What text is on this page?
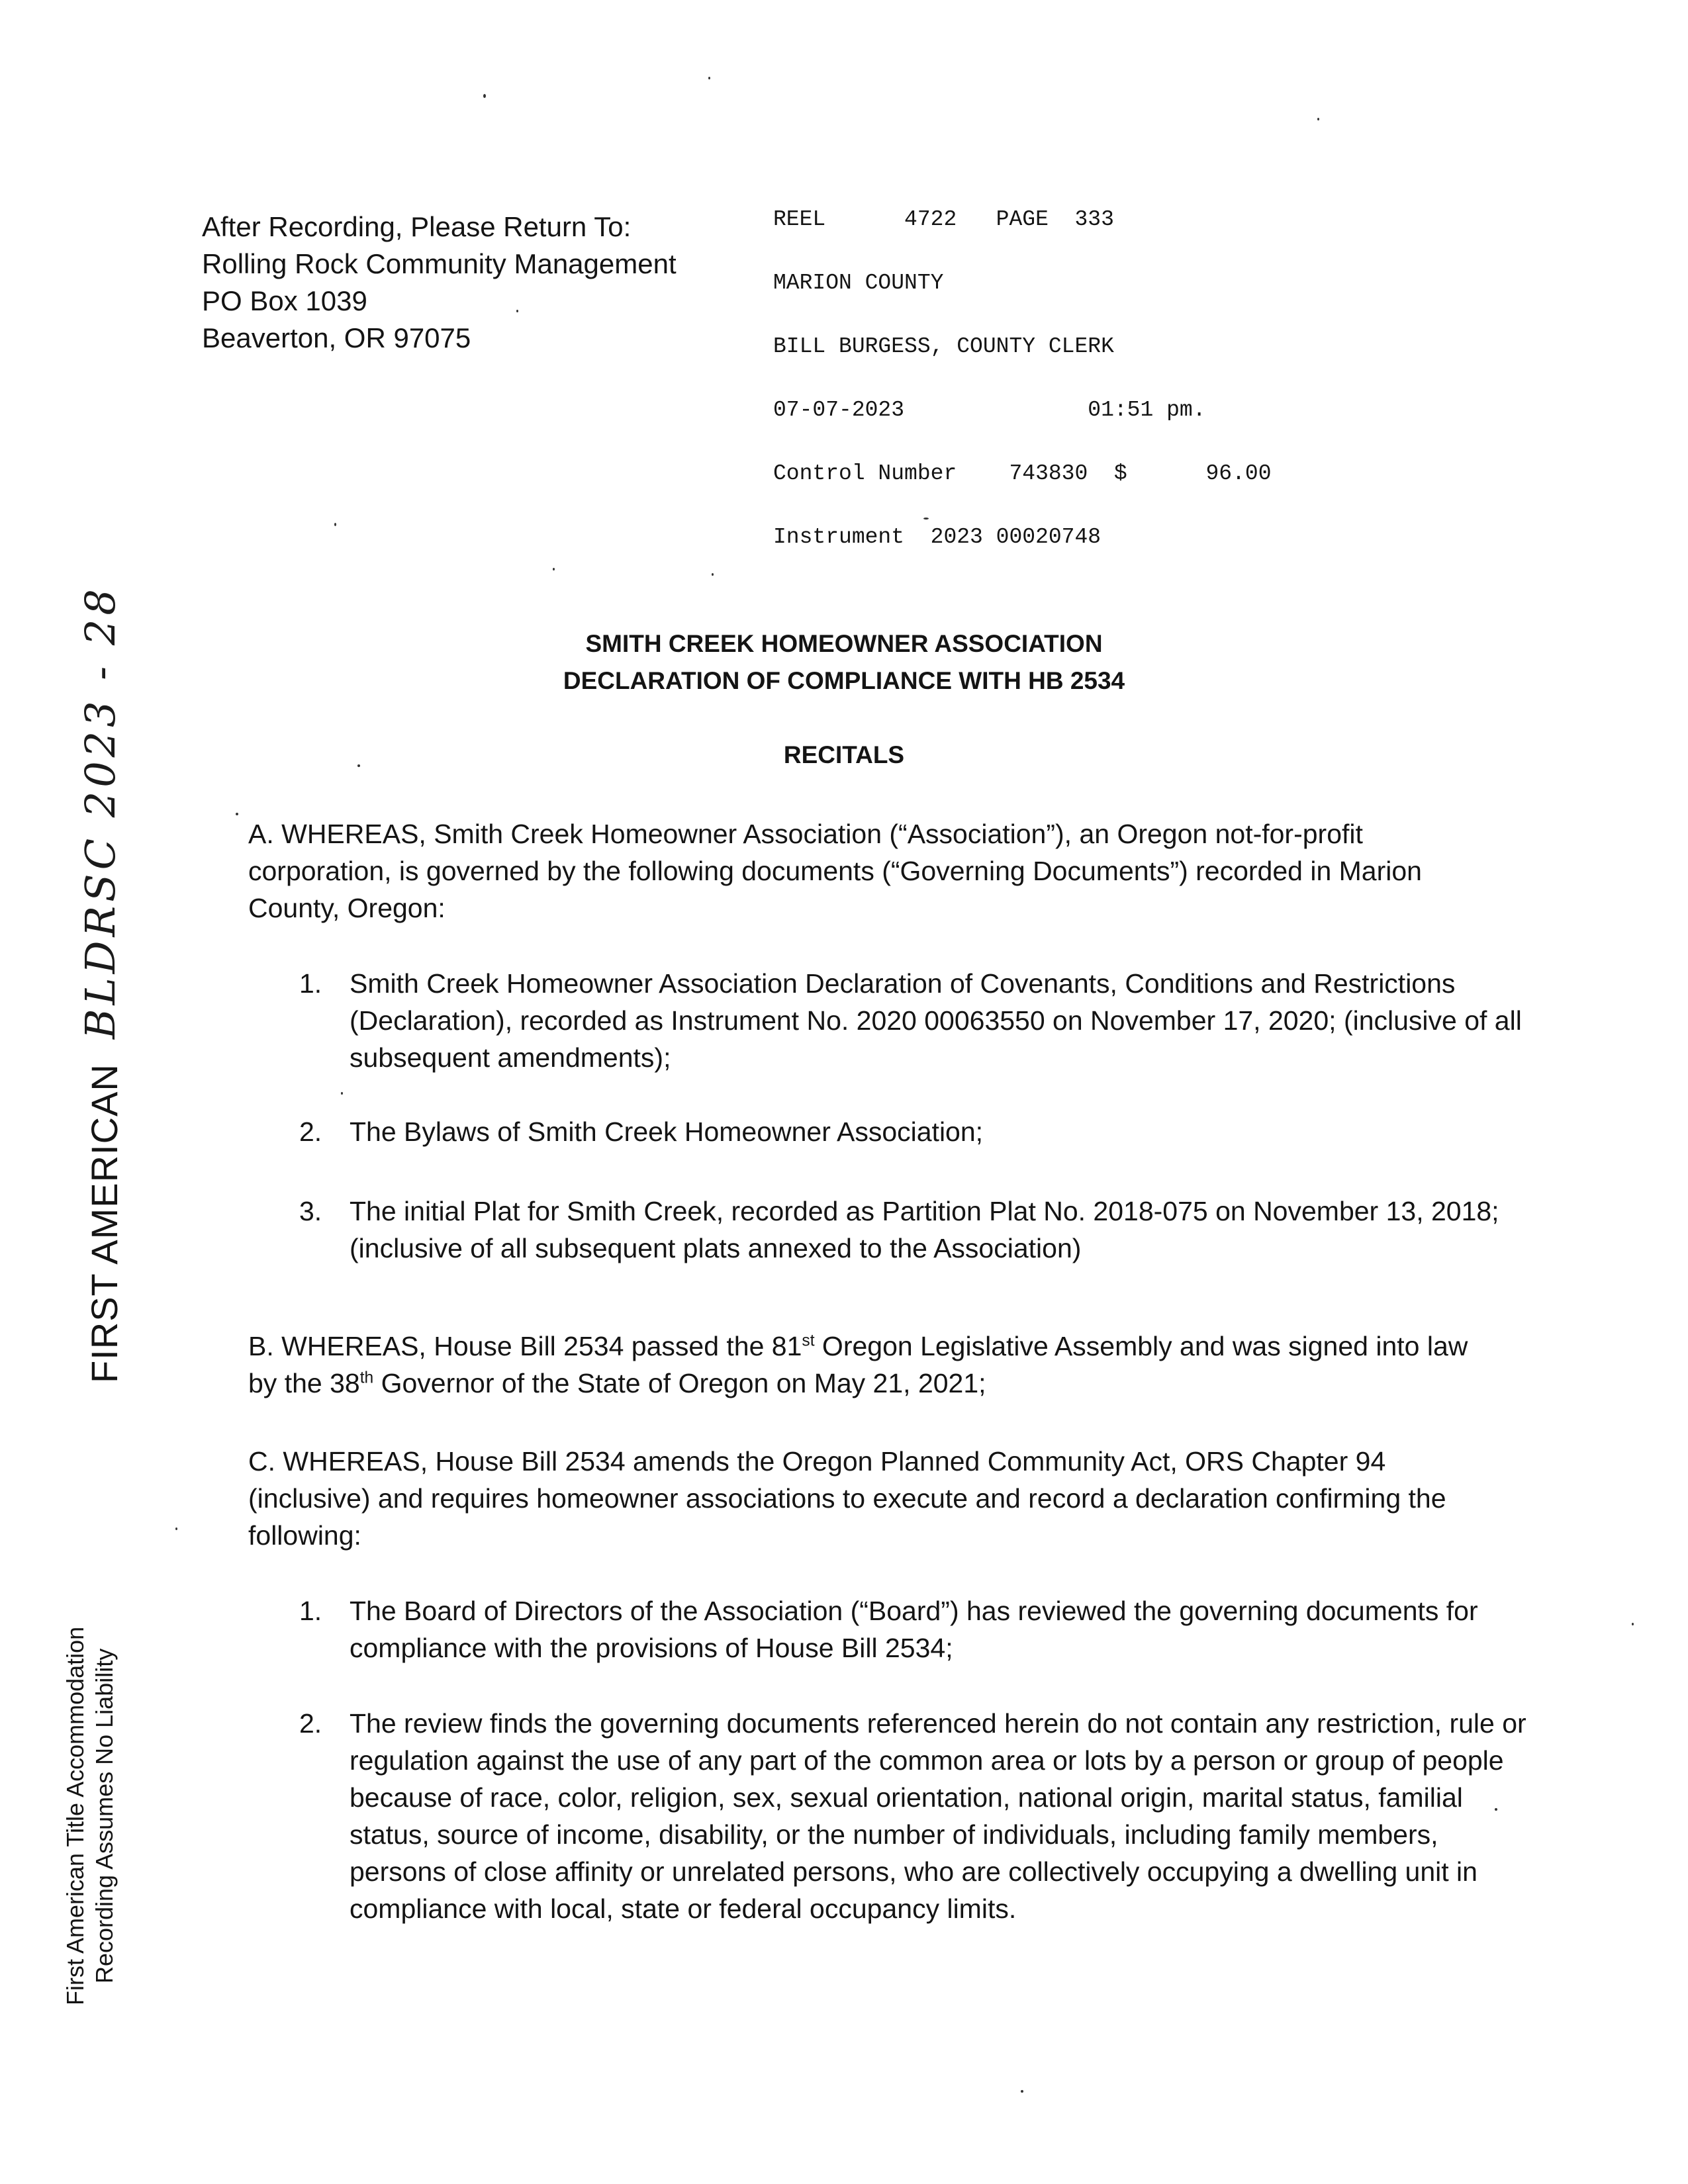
After Recording, Please Return To:
Rolling Rock Community Management
PO Box 1039
Beaverton, OR 97075

REEL      4722   PAGE  333

MARION COUNTY

BILL BURGESS, COUNTY CLERK

07-07-2023              01:51 pm.

Control Number    743830  $      96.00

Instrument  2023 00020748

FIRST AMERICAN
BLDRSC 2023 - 28
First American Title Accommodation Recording Assumes No Liability
SMITH CREEK HOMEOWNER ASSOCIATION
DECLARATION OF COMPLIANCE WITH HB 2534
RECITALS
A. WHEREAS, Smith Creek Homeowner Association (“Association”), an Oregon not-for-profit corporation, is governed by the following documents (“Governing Documents”) recorded in Marion County, Oregon:
1. Smith Creek Homeowner Association Declaration of Covenants, Conditions and Restrictions (Declaration), recorded as Instrument No. 2020 00063550 on November 17, 2020; (inclusive of all subsequent amendments);
2. The Bylaws of Smith Creek Homeowner Association;
3. The initial Plat for Smith Creek, recorded as Partition Plat No. 2018-075 on November 13, 2018; (inclusive of all subsequent plats annexed to the Association)
B. WHEREAS, House Bill 2534 passed the 81st Oregon Legislative Assembly and was signed into law by the 38th Governor of the State of Oregon on May 21, 2021;
C. WHEREAS, House Bill 2534 amends the Oregon Planned Community Act, ORS Chapter 94 (inclusive) and requires homeowner associations to execute and record a declaration confirming the following:
1. The Board of Directors of the Association (“Board”) has reviewed the governing documents for compliance with the provisions of House Bill 2534;
2. The review finds the governing documents referenced herein do not contain any restriction, rule or regulation against the use of any part of the common area or lots by a person or group of people because of race, color, religion, sex, sexual orientation, national origin, marital status, familial status, source of income, disability, or the number of individuals, including family members, persons of close affinity or unrelated persons, who are collectively occupying a dwelling unit in compliance with local, state or federal occupancy limits.
